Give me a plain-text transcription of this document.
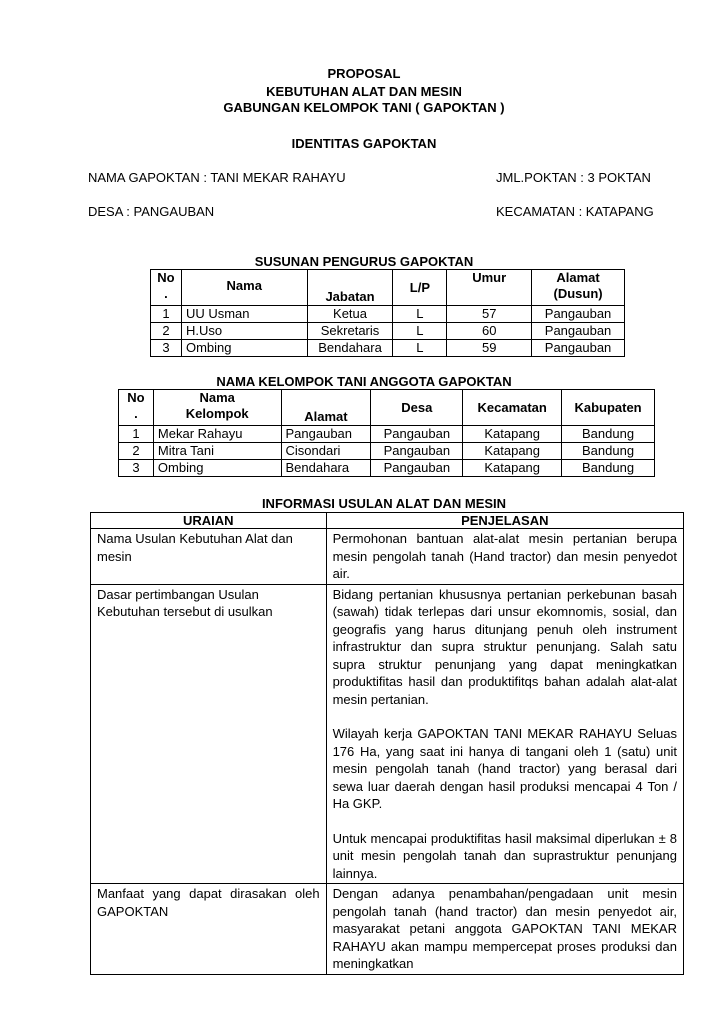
PROPOSAL
KEBUTUHAN ALAT DAN MESIN
GABUNGAN KELOMPOK TANI ( GAPOKTAN )
IDENTITAS GAPOKTAN
NAMA GAPOKTAN : TANI MEKAR RAHAYU	JML.POKTAN : 3 POKTAN
DESA : PANGAUBAN	KECAMATAN : KATAPANG
SUSUNAN PENGURUS GAPOKTAN
No
.	Nama	Jabatan	L/P	Umur	Alamat
(Dusun)
1	UU Usman	Ketua	L	57	Pangauban
2	H.Uso	Sekretaris	L	60	Pangauban
3	Ombing	Bendahara	L	59	Pangauban
NAMA KELOMPOK TANI ANGGOTA GAPOKTAN
No
.	Nama
Kelompok	Alamat	Desa	Kecamatan	Kabupaten
1	Mekar Rahayu	Pangauban	Pangauban	Katapang	Bandung
2	Mitra Tani	Cisondari	Pangauban	Katapang	Bandung
3	Ombing	Bendahara	Pangauban	Katapang	Bandung
INFORMASI USULAN ALAT DAN MESIN
URAIAN	PENJELASAN
Nama Usulan Kebutuhan Alat dan mesin	Permohonan bantuan alat-alat mesin pertanian berupa mesin pengolah tanah (Hand tractor) dan mesin penyedot air.
Dasar pertimbangan Usulan Kebutuhan tersebut di usulkan	Bidang pertanian khususnya pertanian perkebunan basah (sawah) tidak terlepas dari unsur ekomnomis, sosial, dan geografis yang harus ditunjang penuh oleh instrument infrastruktur dan supra struktur penunjang. Salah satu supra struktur penunjang yang dapat meningkatkan produktifitas hasil dan produktifitqs bahan adalah alat-alat mesin pertanian.

Wilayah kerja GAPOKTAN TANI MEKAR RAHAYU Seluas 176 Ha, yang saat ini hanya di tangani oleh 1 (satu) unit mesin pengolah tanah (hand tractor) yang berasal dari sewa luar daerah dengan hasil produksi mencapai 4 Ton / Ha GKP.

Untuk mencapai produktifitas hasil maksimal diperlukan ± 8 unit mesin pengolah tanah dan suprastruktur penunjang lainnya.

Manfaat yang dapat dirasakan oleh GAPOKTAN	Dengan adanya penambahan/pengadaan unit mesin pengolah tanah (hand tractor) dan mesin penyedot air, masyarakat petani anggota GAPOKTAN TANI MEKAR RAHAYU akan mampu mempercepat proses produksi dan meningkatkan
